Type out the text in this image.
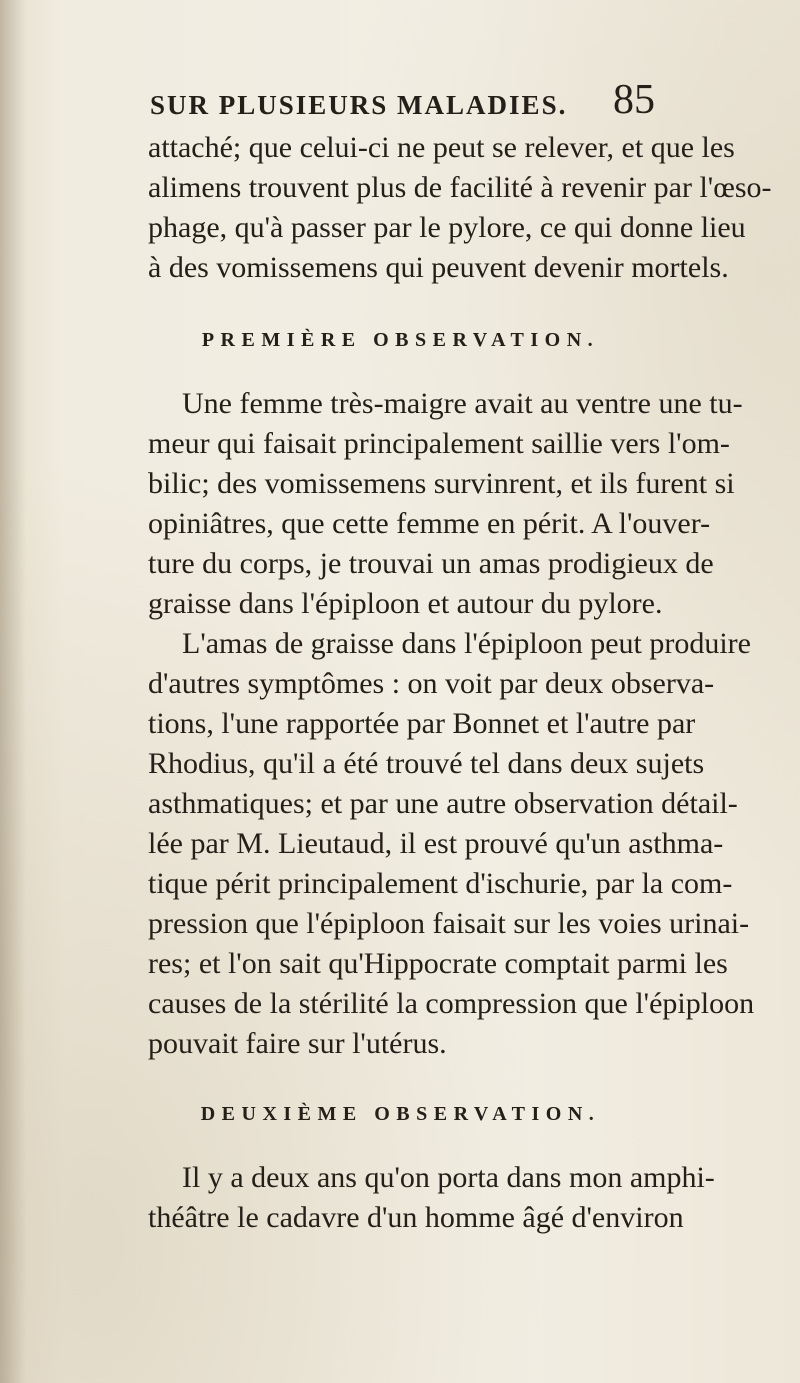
SUR PLUSIEURS MALADIES. 85
attaché; que celui-ci ne peut se relever, et que les
alimens trouvent plus de facilité à revenir par l'œso-
phage, qu'à passer par le pylore, ce qui donne lieu
à des vomissemens qui peuvent devenir mortels.
PREMIÈRE OBSERVATION.
Une femme très-maigre avait au ventre une tu-
meur qui faisait principalement saillie vers l'om-
bilic; des vomissemens survinrent, et ils furent si
opiniâtres, que cette femme en périt. A l'ouver-
ture du corps, je trouvai un amas prodigieux de
graisse dans l'épiploon et autour du pylore.
L'amas de graisse dans l'épiploon peut produire
d'autres symptômes : on voit par deux observa-
tions, l'une rapportée par Bonnet et l'autre par
Rhodius, qu'il a été trouvé tel dans deux sujets
asthmatiques; et par une autre observation détail-
lée par M. Lieutaud, il est prouvé qu'un asthma-
tique périt principalement d'ischurie, par la com-
pression que l'épiploon faisait sur les voies urinai-
res; et l'on sait qu'Hippocrate comptait parmi les
causes de la stérilité la compression que l'épiploon
pouvait faire sur l'utérus.
DEUXIÈME OBSERVATION.
Il y a deux ans qu'on porta dans mon amphi-
théâtre le cadavre d'un homme âgé d'environ
